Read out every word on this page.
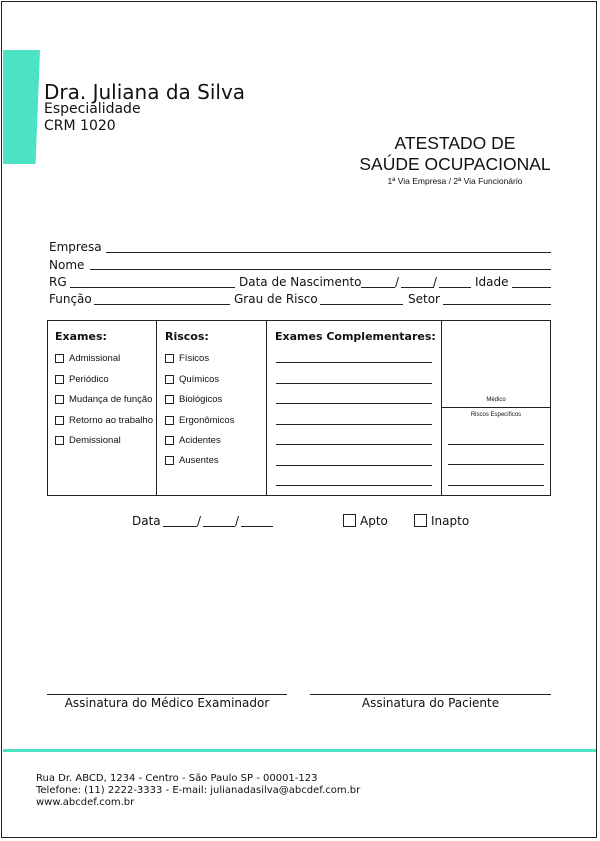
Dra. Juliana da Silva
Especialidade
CRM 1020
ATESTADO DE
SAÚDE OCUPACIONAL
1ª Via Empresa / 2ª Via Funcionário
Empresa
Nome
RG	Data de Nascimento	/	/	Idade
Função	Grau de Risco	Setor
Exames:
Admissional
Periódico
Mudança de função
Retorno ao trabalho
Demissional
Riscos:
Físicos
Químicos
Biológicos
Ergonômicos
Acidentes
Ausentes
Exames Complementares:
Médico
Riscos Específicos
Data	/	/	Apto	Inapto
Assinatura do Médico Examinador	Assinatura do Paciente
Rua Dr. ABCD, 1234 - Centro - São Paulo SP - 00001-123
Telefone: (11) 2222-3333 - E-mail: julianadasilva@abcdef.com.br
www.abcdef.com.br
